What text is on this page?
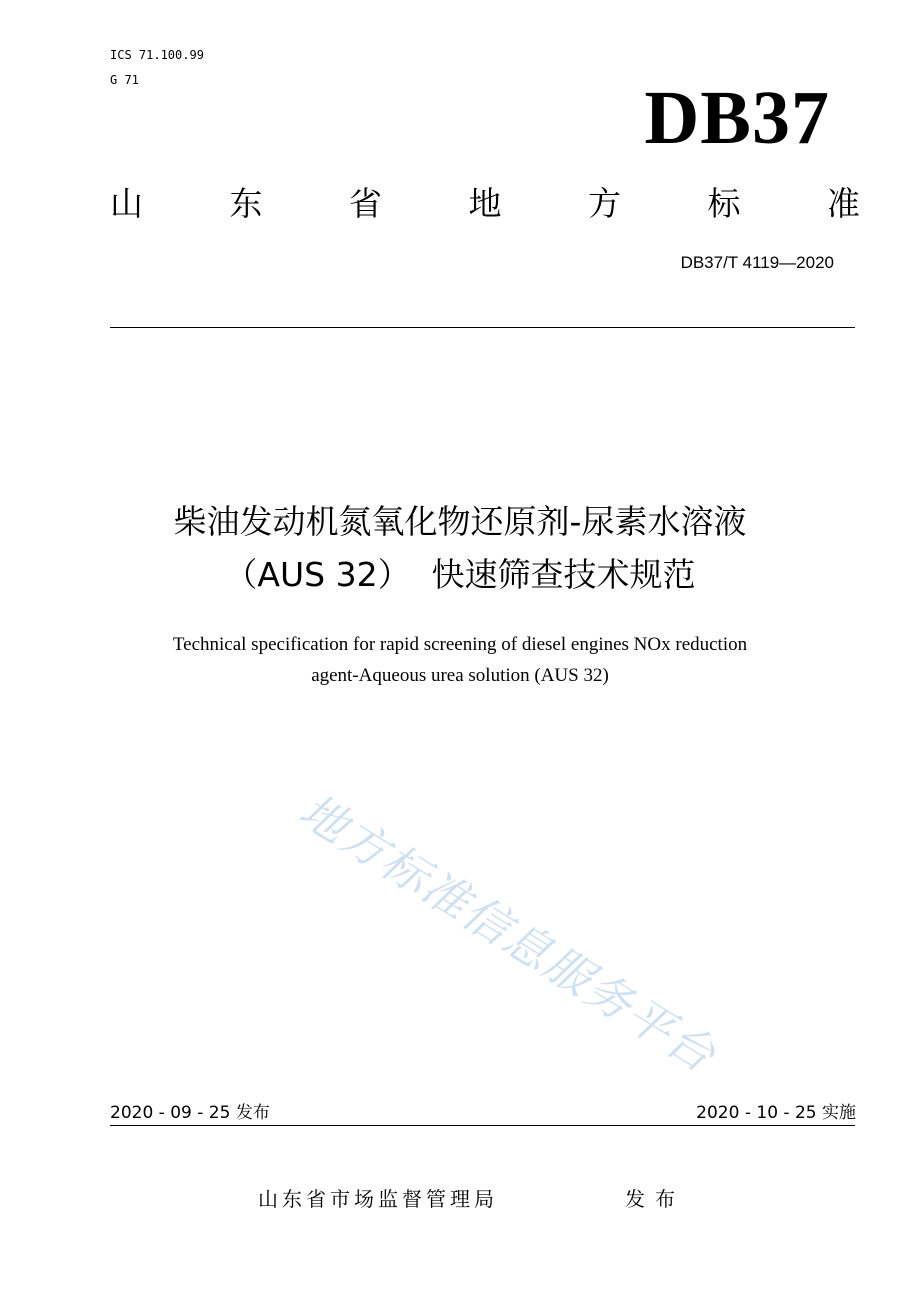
ICS 71.100.99
G 71	DB37
山	东	省	地	方	标	准
DB37/T 4119—2020
柴油发动机氮氧化物还原剂-尿素水溶液
（AUS 32）  快速筛查技术规范
Technical specification for rapid screening of diesel engines NOx reduction
agent-Aqueous urea solution (AUS 32)
地方标准信息服务平台
2020 - 09 - 25 发布	2020 - 10 - 25 实施
山东省市场监督管理局	发布
